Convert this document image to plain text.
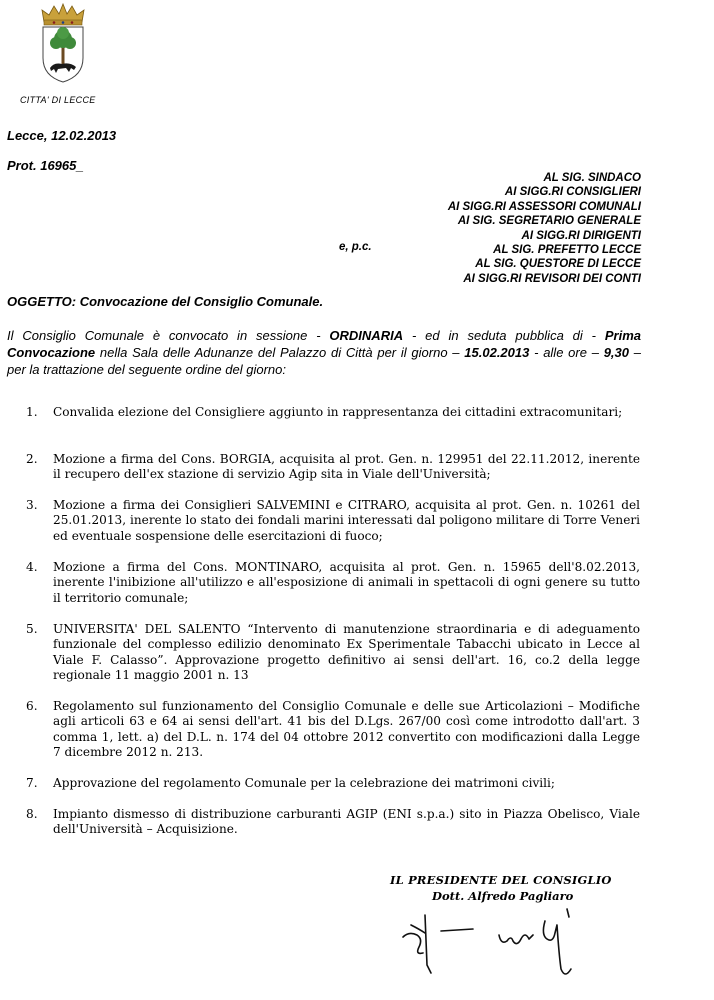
CITTA' DI LECCE
Lecce, 12.02.2013
Prot. 16965_
AL SIG. SINDACO
AI SIGG.RI CONSIGLIERI
AI SIGG.RI ASSESSORI COMUNALI
AI SIG. SEGRETARIO GENERALE
AI SIGG.RI DIRIGENTI
AL SIG. PREFETTO LECCE
AL SIG. QUESTORE DI LECCE
AI SIGG.RI REVISORI DEI CONTI
e, p.c.
OGGETTO: Convocazione del Consiglio Comunale.
Il Consiglio Comunale è convocato in sessione - ORDINARIA - ed in seduta pubblica di - Prima Convocazione nella Sala delle Adunanze del Palazzo di Città per il giorno – 15.02.2013 - alle ore – 9,30 – per la trattazione del seguente ordine del giorno:
1.	Convalida elezione del Consigliere aggiunto in rappresentanza dei cittadini extracomunitari;
2.	Mozione a firma del Cons. BORGIA, acquisita al prot. Gen. n. 129951 del 22.11.2012, inerente il recupero dell'ex stazione di servizio Agip sita in Viale dell'Università;
3.	Mozione a firma dei Consiglieri SALVEMINI e CITRARO, acquisita al prot. Gen. n. 10261 del 25.01.2013, inerente lo stato dei fondali marini interessati dal poligono militare di Torre Veneri ed eventuale sospensione delle esercitazioni di fuoco;
4.	Mozione a firma del Cons. MONTINARO, acquisita al prot. Gen. n. 15965 dell'8.02.2013, inerente l'inibizione all'utilizzo e all'esposizione di animali in spettacoli di ogni genere su tutto il territorio comunale;
5.	UNIVERSITA' DEL SALENTO “Intervento di manutenzione straordinaria e di adeguamento funzionale del complesso edilizio denominato Ex Sperimentale Tabacchi ubicato in Lecce al Viale F. Calasso”. Approvazione progetto definitivo ai sensi dell'art. 16, co.2 della legge regionale 11 maggio 2001 n. 13
6.	Regolamento sul funzionamento del Consiglio Comunale e delle sue Articolazioni – Modifiche agli articoli 63 e 64 ai sensi dell'art. 41 bis del D.Lgs. 267/00 così come introdotto dall'art. 3 comma 1, lett. a) del D.L. n. 174 del 04 ottobre 2012 convertito con modificazioni dalla Legge 7 dicembre 2012 n. 213.
7.	Approvazione del regolamento Comunale per la celebrazione dei matrimoni civili;
8.	Impianto dismesso di distribuzione carburanti AGIP (ENI s.p.a.) sito in Piazza Obelisco, Viale dell'Università – Acquisizione.
IL PRESIDENTE DEL CONSIGLIO
Dott. Alfredo Pagliaro
